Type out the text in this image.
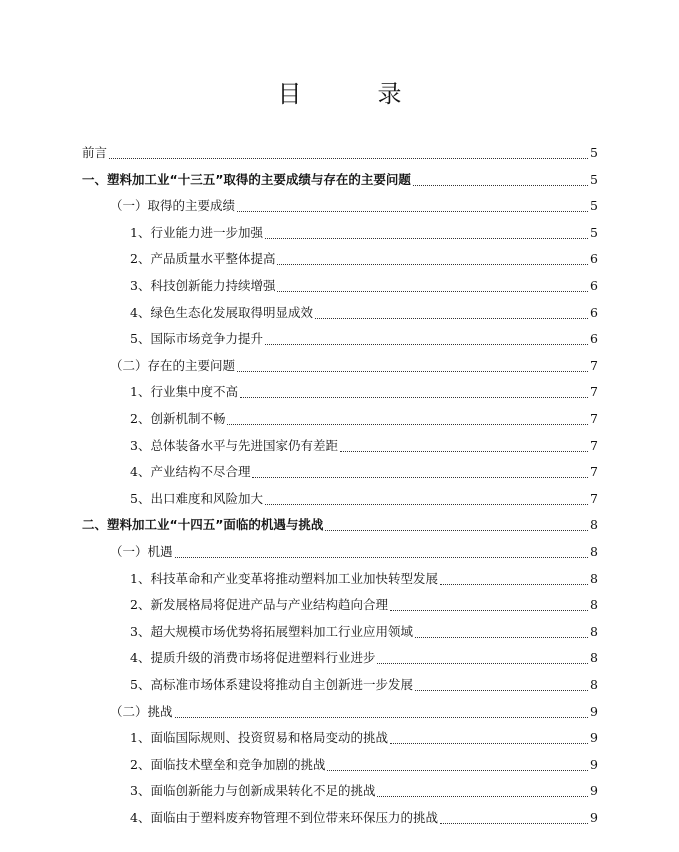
目　录
前言	5
一、塑料加工业“十三五”取得的主要成绩与存在的主要问题	5
（一）取得的主要成绩	5
1、行业能力进一步加强	5
2、产品质量水平整体提高	6
3、科技创新能力持续增强	6
4、绿色生态化发展取得明显成效	6
5、国际市场竞争力提升	6
（二）存在的主要问题	7
1、行业集中度不高	7
2、创新机制不畅	7
3、总体装备水平与先进国家仍有差距	7
4、产业结构不尽合理	7
5、出口难度和风险加大	7
二、塑料加工业“十四五”面临的机遇与挑战	8
（一）机遇	8
1、科技革命和产业变革将推动塑料加工业加快转型发展	8
2、新发展格局将促进产品与产业结构趋向合理	8
3、超大规模市场优势将拓展塑料加工行业应用领域	8
4、提质升级的消费市场将促进塑料行业进步	8
5、高标准市场体系建设将推动自主创新进一步发展	8
（二）挑战	9
1、面临国际规则、投资贸易和格局变动的挑战	9
2、面临技术壁垒和竞争加剧的挑战	9
3、面临创新能力与创新成果转化不足的挑战	9
4、面临由于塑料废弃物管理不到位带来环保压力的挑战	9
